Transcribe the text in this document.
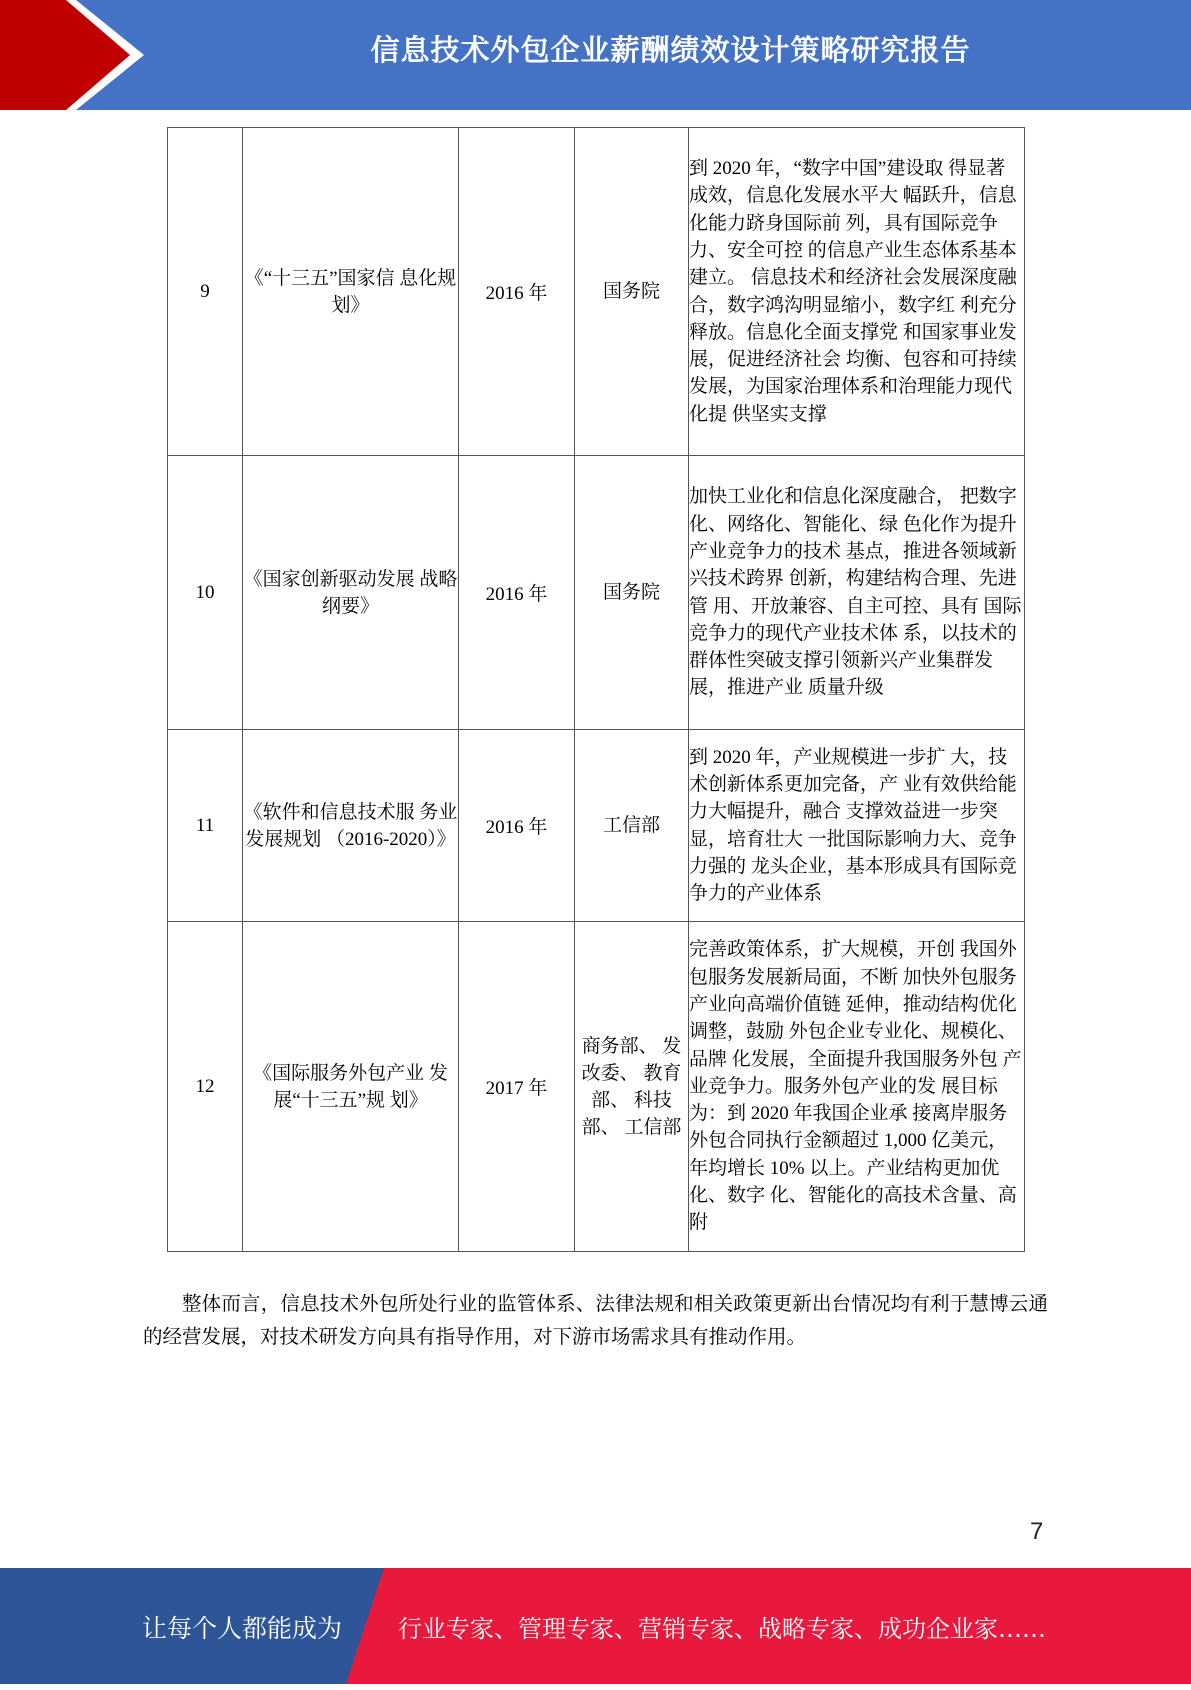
信息技术外包企业薪酬绩效设计策略研究报告
9	《“十三五”国家信 息化规划》	2016 年	国务院	到 2020 年，“数字中国”建设取 得显著成效，信息化发展水平大 幅跃升，信息化能力跻身国际前 列，具有国际竞争力、安全可控 的信息产业生态体系基本建立。 信息技术和经济社会发展深度融 合，数字鸿沟明显缩小，数字红 利充分释放。信息化全面支撑党 和国家事业发展，促进经济社会 均衡、包容和可持续发展，为国家治理体系和治理能力现代化提 供坚实支撑
10	《国家创新驱动发展 战略纲要》	2016 年	国务院	加快工业化和信息化深度融合， 把数字化、网络化、智能化、绿 色化作为提升产业竞争力的技术 基点，推进各领域新兴技术跨界 创新，构建结构合理、先进管 用、开放兼容、自主可控、具有 国际竞争力的现代产业技术体 系，以技术的群体性突破支撑引领新兴产业集群发展，推进产业 质量升级
11	《软件和信息技术服 务业发展规划 （2016-2020）》	2016 年	工信部	到 2020 年，产业规模进一步扩 大，技术创新体系更加完备，产 业有效供给能力大幅提升，融合 支撑效益进一步突显，培育壮大 一批国际影响力大、竞争力强的 龙头企业，基本形成具有国际竞 争力的产业体系
12	《国际服务外包产业 发展“十三五”规 划》	2017 年	商务部、 发改委、 教育部、 科技部、 工信部	完善政策体系，扩大规模，开创 我国外包服务发展新局面，不断 加快外包服务产业向高端价值链 延伸，推动结构优化调整，鼓励 外包企业专业化、规模化、品牌 化发展，全面提升我国服务外包 产业竞争力。服务外包产业的发 展目标为：到 2020 年我国企业承 接离岸服务外包合同执行金额超过 1,000 亿美元，年均增长 10% 以上。产业结构更加优化、数字 化、智能化的高技术含量、高附

整体而言，信息技术外包所处行业的监管体系、法律法规和相关政策更新出台情况均有利于慧博云通的经营发展，对技术研发方向具有指导作用，对下游市场需求具有推动作用。

7
让每个人都能成为 行业专家、管理专家、营销专家、战略专家、成功企业家……
